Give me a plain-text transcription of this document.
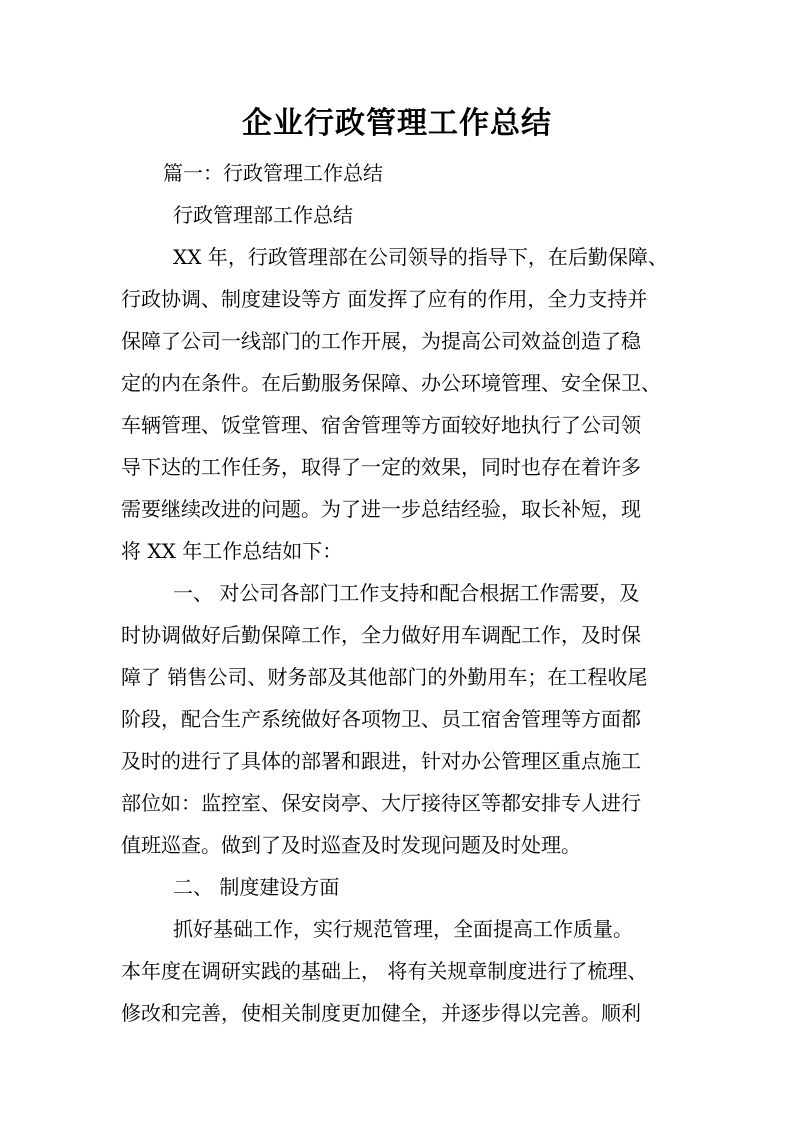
企业行政管理工作总结
篇一：行政管理工作总结
行政管理部工作总结
XX 年，行政管理部在公司领导的指导下，在后勤保障、
行政协调、制度建设等方 面发挥了应有的作用，全力支持并
保障了公司一线部门的工作开展，为提高公司效益创造了稳
定的内在条件。在后勤服务保障、办公环境管理、安全保卫、
车辆管理、饭堂管理、宿舍管理等方面较好地执行了公司领
导下达的工作任务，取得了一定的效果，同时也存在着许多
需要继续改进的问题。为了进一步总结经验，取长补短，现
将 XX 年工作总结如下：
一、 对公司各部门工作支持和配合根据工作需要，及
时协调做好后勤保障工作，全力做好用车调配工作，及时保
障了 销售公司、财务部及其他部门的外勤用车；在工程收尾
阶段，配合生产系统做好各项物卫、员工宿舍管理等方面都
及时的进行了具体的部署和跟进，针对办公管理区重点施工
部位如：监控室、保安岗亭、大厅接待区等都安排专人进行
值班巡查。做到了及时巡查及时发现问题及时处理。
二、 制度建设方面
抓好基础工作，实行规范管理，全面提高工作质量。
本年度在调研实践的基础上， 将有关规章制度进行了梳理、
修改和完善，使相关制度更加健全，并逐步得以完善。顺利
